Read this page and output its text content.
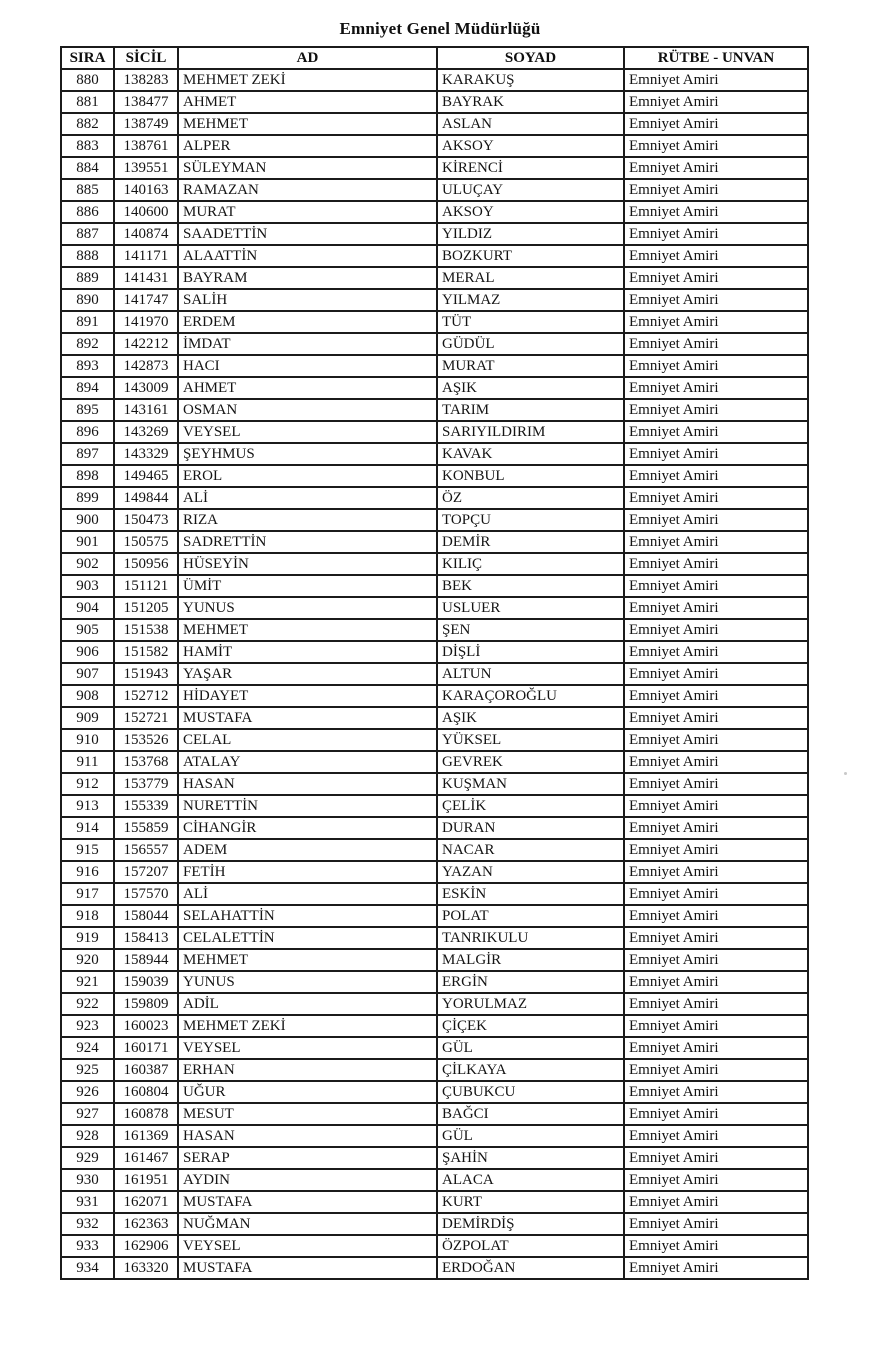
Emniyet Genel Müdürlüğü
SIRA	SİCİL	AD	SOYAD	RÜTBE - UNVAN
880	138283	MEHMET ZEKİ	KARAKUŞ	Emniyet Amiri
881	138477	AHMET	BAYRAK	Emniyet Amiri
882	138749	MEHMET	ASLAN	Emniyet Amiri
883	138761	ALPER	AKSOY	Emniyet Amiri
884	139551	SÜLEYMAN	KİRENCİ	Emniyet Amiri
885	140163	RAMAZAN	ULUÇAY	Emniyet Amiri
886	140600	MURAT	AKSOY	Emniyet Amiri
887	140874	SAADETTİN	YILDIZ	Emniyet Amiri
888	141171	ALAATTİN	BOZKURT	Emniyet Amiri
889	141431	BAYRAM	MERAL	Emniyet Amiri
890	141747	SALİH	YILMAZ	Emniyet Amiri
891	141970	ERDEM	TÜT	Emniyet Amiri
892	142212	İMDAT	GÜDÜL	Emniyet Amiri
893	142873	HACI	MURAT	Emniyet Amiri
894	143009	AHMET	AŞIK	Emniyet Amiri
895	143161	OSMAN	TARIM	Emniyet Amiri
896	143269	VEYSEL	SARIYILDIRIM	Emniyet Amiri
897	143329	ŞEYHMUS	KAVAK	Emniyet Amiri
898	149465	EROL	KONBUL	Emniyet Amiri
899	149844	ALİ	ÖZ	Emniyet Amiri
900	150473	RIZA	TOPÇU	Emniyet Amiri
901	150575	SADRETTİN	DEMİR	Emniyet Amiri
902	150956	HÜSEYİN	KILIÇ	Emniyet Amiri
903	151121	ÜMİT	BEK	Emniyet Amiri
904	151205	YUNUS	USLUER	Emniyet Amiri
905	151538	MEHMET	ŞEN	Emniyet Amiri
906	151582	HAMİT	DİŞLİ	Emniyet Amiri
907	151943	YAŞAR	ALTUN	Emniyet Amiri
908	152712	HİDAYET	KARAÇOROĞLU	Emniyet Amiri
909	152721	MUSTAFA	AŞIK	Emniyet Amiri
910	153526	CELAL	YÜKSEL	Emniyet Amiri
911	153768	ATALAY	GEVREK	Emniyet Amiri
912	153779	HASAN	KUŞMAN	Emniyet Amiri
913	155339	NURETTİN	ÇELİK	Emniyet Amiri
914	155859	CİHANGİR	DURAN	Emniyet Amiri
915	156557	ADEM	NACAR	Emniyet Amiri
916	157207	FETİH	YAZAN	Emniyet Amiri
917	157570	ALİ	ESKİN	Emniyet Amiri
918	158044	SELAHATTİN	POLAT	Emniyet Amiri
919	158413	CELALETTİN	TANRIKULU	Emniyet Amiri
920	158944	MEHMET	MALGİR	Emniyet Amiri
921	159039	YUNUS	ERGİN	Emniyet Amiri
922	159809	ADİL	YORULMAZ	Emniyet Amiri
923	160023	MEHMET ZEKİ	ÇİÇEK	Emniyet Amiri
924	160171	VEYSEL	GÜL	Emniyet Amiri
925	160387	ERHAN	ÇİLKAYA	Emniyet Amiri
926	160804	UĞUR	ÇUBUKCU	Emniyet Amiri
927	160878	MESUT	BAĞCI	Emniyet Amiri
928	161369	HASAN	GÜL	Emniyet Amiri
929	161467	SERAP	ŞAHİN	Emniyet Amiri
930	161951	AYDIN	ALACA	Emniyet Amiri
931	162071	MUSTAFA	KURT	Emniyet Amiri
932	162363	NUĞMAN	DEMİRDİŞ	Emniyet Amiri
933	162906	VEYSEL	ÖZPOLAT	Emniyet Amiri
934	163320	MUSTAFA	ERDOĞAN	Emniyet Amiri
